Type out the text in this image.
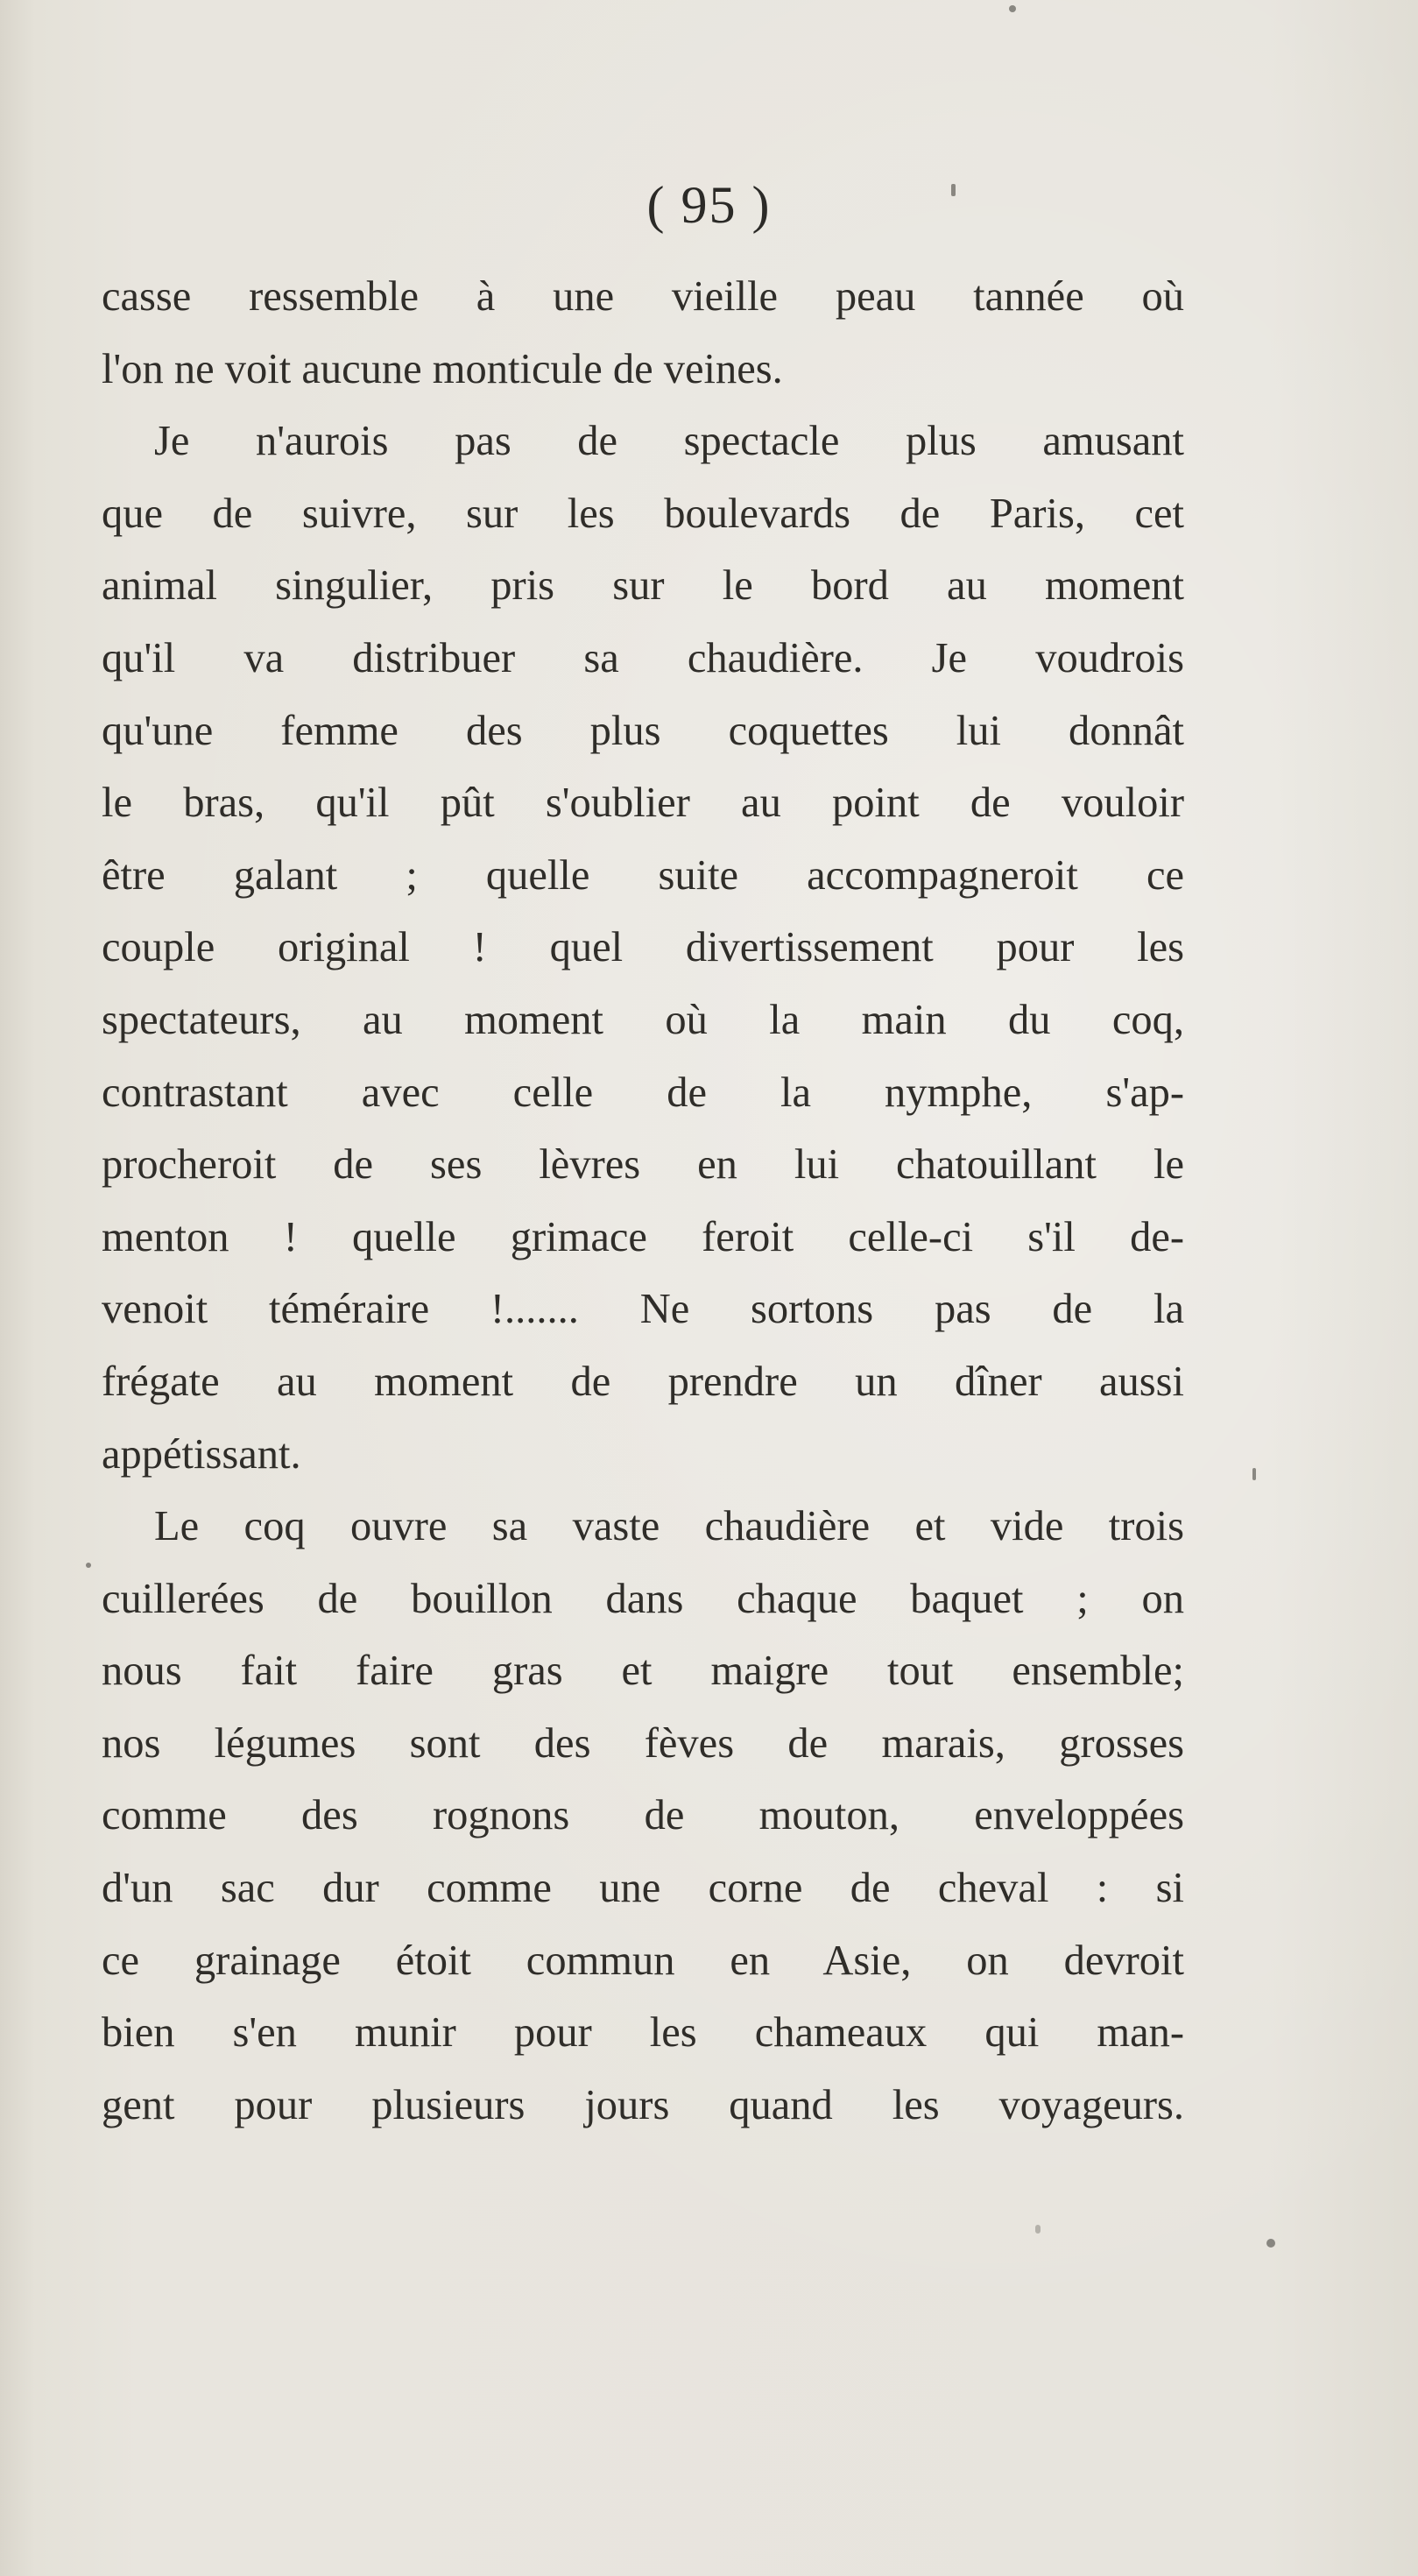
( 95 )
casse ressemble à une vieille peau tannée où
l'on ne voit aucune monticule de veines.
Je n'aurois pas de spectacle plus amusant
que de suivre, sur les boulevards de Paris, cet
animal singulier, pris sur le bord au moment
qu'il va distribuer sa chaudière. Je voudrois
qu'une femme des plus coquettes lui donnât
le bras, qu'il pût s'oublier au point de vouloir
être galant ; quelle suite accompagneroit ce
couple original ! quel divertissement pour les
spectateurs, au moment où la main du coq,
contrastant avec celle de la nymphe, s'ap-
procheroit de ses lèvres en lui chatouillant le
menton ! quelle grimace feroit celle-ci s'il de-
venoit téméraire !....... Ne sortons pas de la
frégate au moment de prendre un dîner aussi
appétissant.
Le coq ouvre sa vaste chaudière et vide trois
cuillerées de bouillon dans chaque baquet ; on
nous fait faire gras et maigre tout ensemble;
nos légumes sont des fèves de marais, grosses
comme des rognons de mouton, enveloppées
d'un sac dur comme une corne de cheval : si
ce grainage étoit commun en Asie, on devroit
bien s'en munir pour les chameaux qui man-
gent pour plusieurs jours quand les voyageurs.
